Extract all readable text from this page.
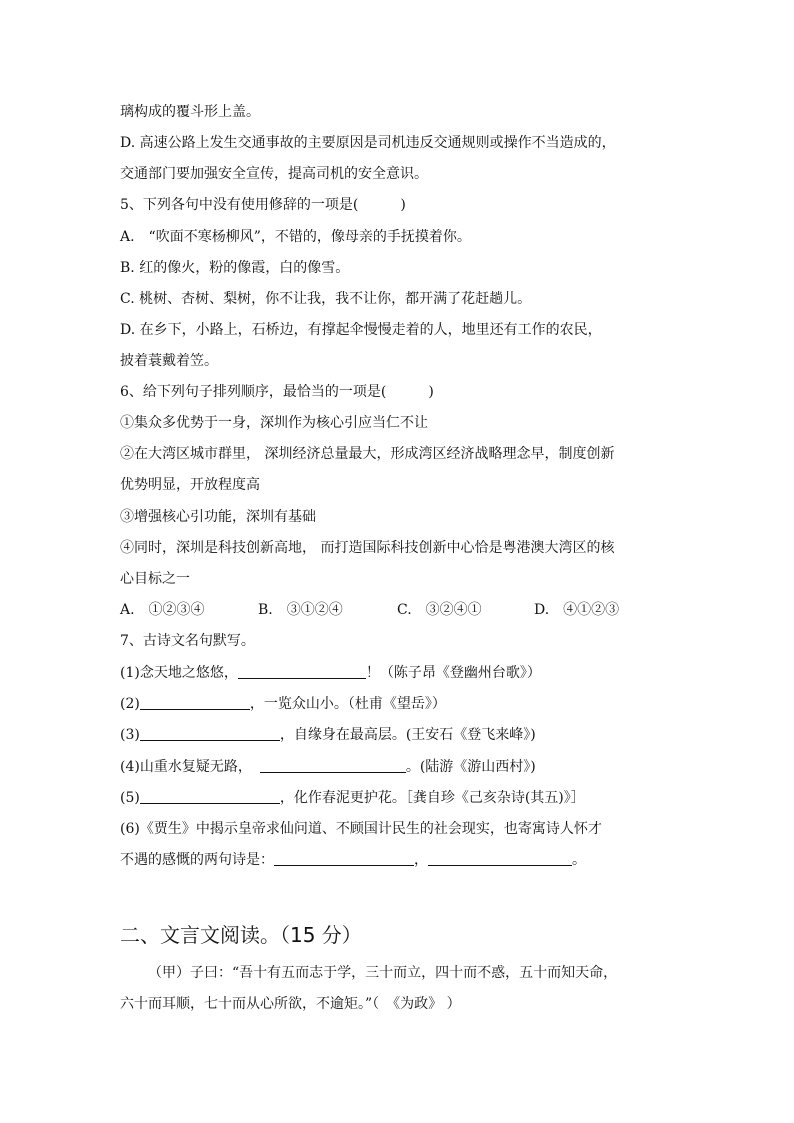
璃构成的覆斗形上盖。
D. 高速公路上发生交通事故的主要原因是司机违反交通规则或操作不当造成的，
交通部门要加强安全宣传，提高司机的安全意识。
5、下列各句中没有使用修辞的一项是(　　　)
A.　“吹面不寒杨柳风”，不错的，像母亲的手抚摸着你。
B. 红的像火，粉的像霞，白的像雪。
C. 桃树、杏树、梨树，你不让我，我不让你，都开满了花赶趟儿。
D. 在乡下，小路上，石桥边，有撑起伞慢慢走着的人，地里还有工作的农民，
披着蓑戴着笠。
6、给下列句子排列顺序，最恰当的一项是(　　　)
①集众多优势于一身，深圳作为核心引应当仁不让
②在大湾区城市群里， 深圳经济总量最大，形成湾区经济战略理念早，制度创新
优势明显，开放程度高
③增强核心引功能，深圳有基础
④同时，深圳是科技创新高地， 而打造国际科技创新中心恰是粤港澳大湾区的核
心目标之一
A.　①②③④	B.　③①②④	C.　③②④①	D.　④①②③
7、古诗文名句默写。
(1)念天地之悠悠，	！（陈子昂《登幽州台歌》）
(2)	，一览众山小。（杜甫《望岳》）
(3)	，自缘身在最高层。(王安石《登飞来峰》)
(4)山重水复疑无路，	。(陆游《游山西村》)
(5)	，化作春泥更护花。［龚自珍《己亥杂诗(其五)》］
(6)《贾生》中揭示皇帝求仙问道、不顾国计民生的社会现实，也寄寓诗人怀才
不遇的感慨的两句诗是：	，	。
二、文言文阅读。（15 分）
（甲）子曰：“吾十有五而志于学，三十而立，四十而不惑，五十而知天命，
六十而耳顺，七十而从心所欲，不逾矩。”（　《为政》 ）
